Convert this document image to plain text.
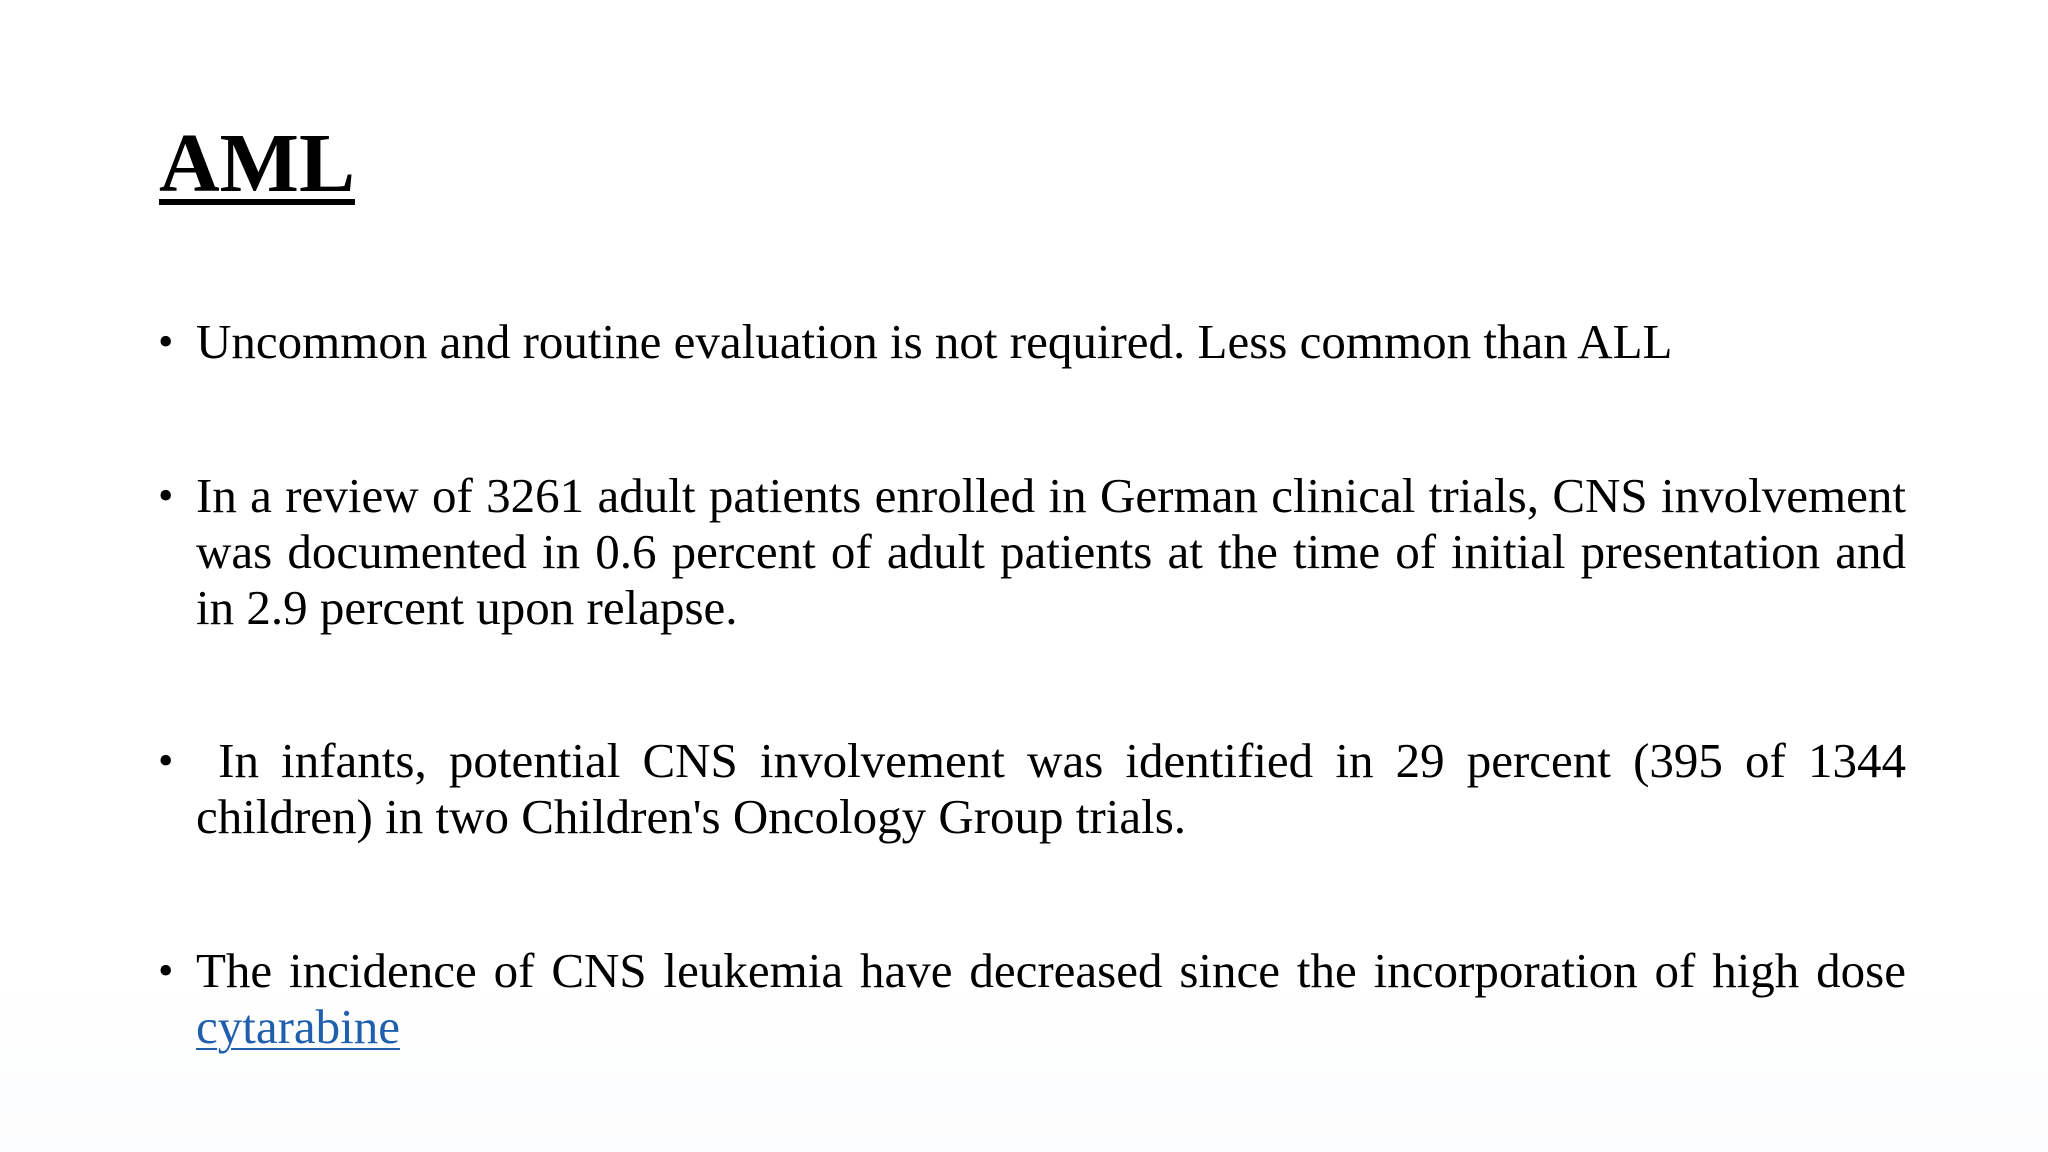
AML
• Uncommon and routine evaluation is not required. Less common than ALL
• In a review of 3261 adult patients enrolled in German clinical trials, CNS involvement was documented in 0.6 percent of adult patients at the time of initial presentation and in 2.9 percent upon relapse.
• In infants, potential CNS involvement was identified in 29 percent (395 of 1344 children) in two Children's Oncology Group trials.
• The incidence of CNS leukemia have decreased since the incorporation of high dose cytarabine
